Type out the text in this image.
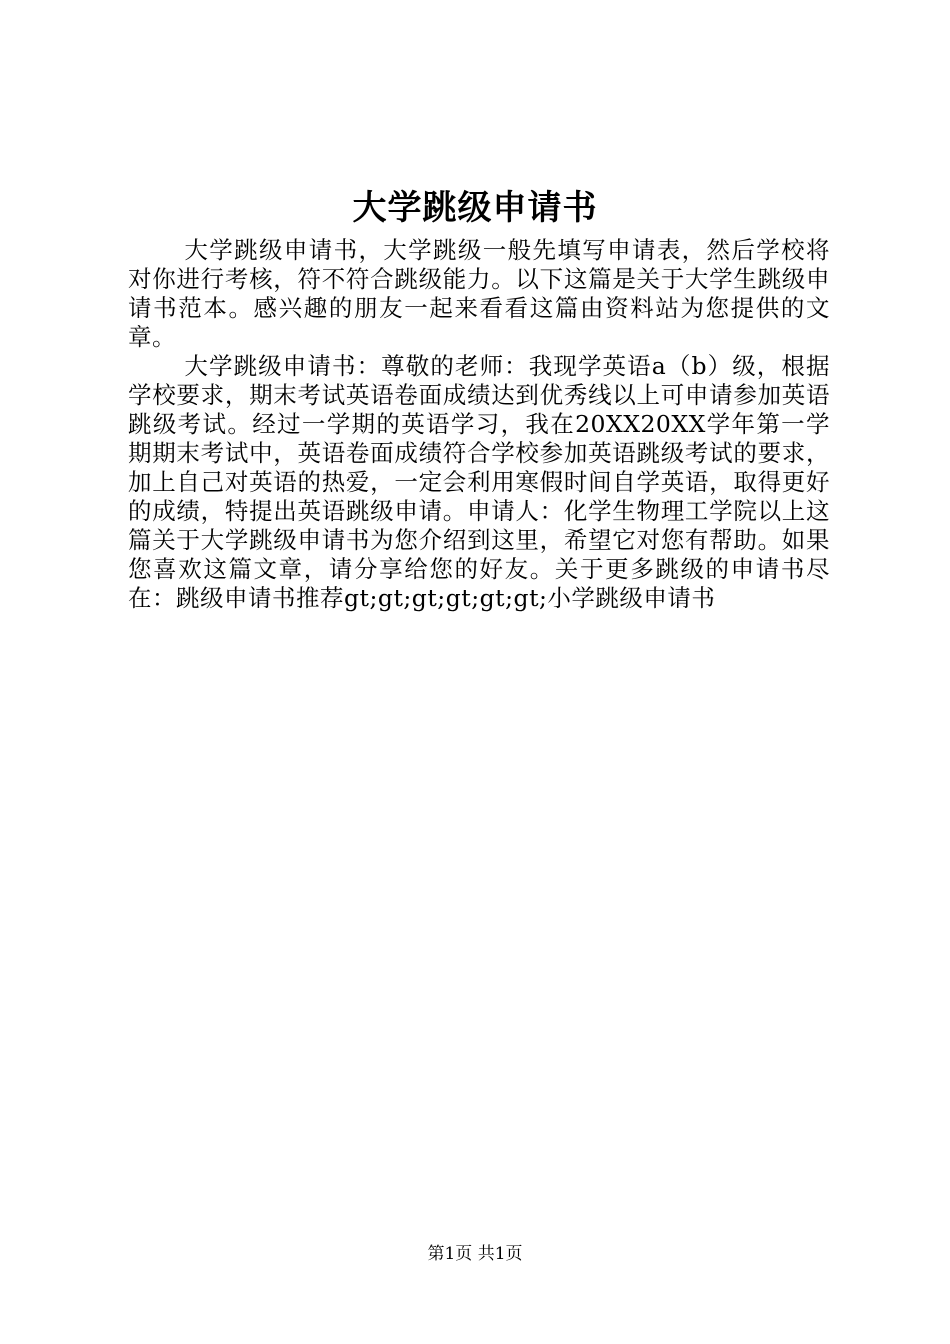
大学跳级申请书

大学跳级申请书，大学跳级一般先填写申请表，然后学校将对你进行考核，符不符合跳级能力。以下这篇是关于大学生跳级申请书范本。感兴趣的朋友一起来看看这篇由资料站为您提供的文章。

大学跳级申请书：尊敬的老师：我现学英语a（b）级，根据学校要求，期末考试英语卷面成绩达到优秀线以上可申请参加英语跳级考试。经过一学期的英语学习，我在20XX20XX学年第一学期期末考试中，英语卷面成绩符合学校参加英语跳级考试的要求，加上自己对英语的热爱，一定会利用寒假时间自学英语，取得更好的成绩，特提出英语跳级申请。申请人：化学生物理工学院以上这篇关于大学跳级申请书为您介绍到这里，希望它对您有帮助。如果您喜欢这篇文章，请分享给您的好友。关于更多跳级的申请书尽在：跳级申请书推荐gt;gt;gt;gt;gt;gt;小学跳级申请书

第1页 共1页
